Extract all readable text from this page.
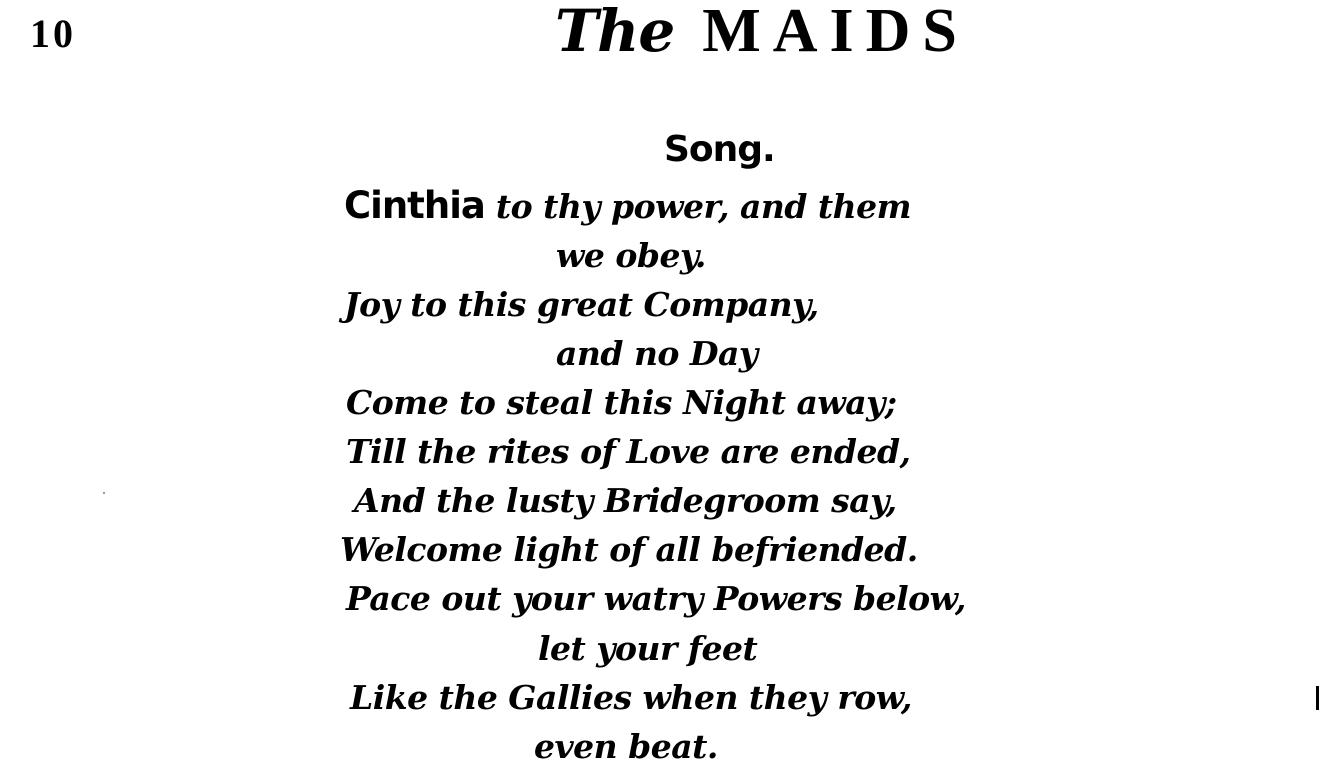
10	The MAIDS
Song.
Cinthia to thy power, and them
we obey.
Joy to this great Company,
and no Day
Come to steal this Night away;
Till the rites of Love are ended,
And the lusty Bridegroom say,
Welcome light of all befriended.
Pace out your watry Powers below,
let your feet
Like the Gallies when they row,
even beat.
